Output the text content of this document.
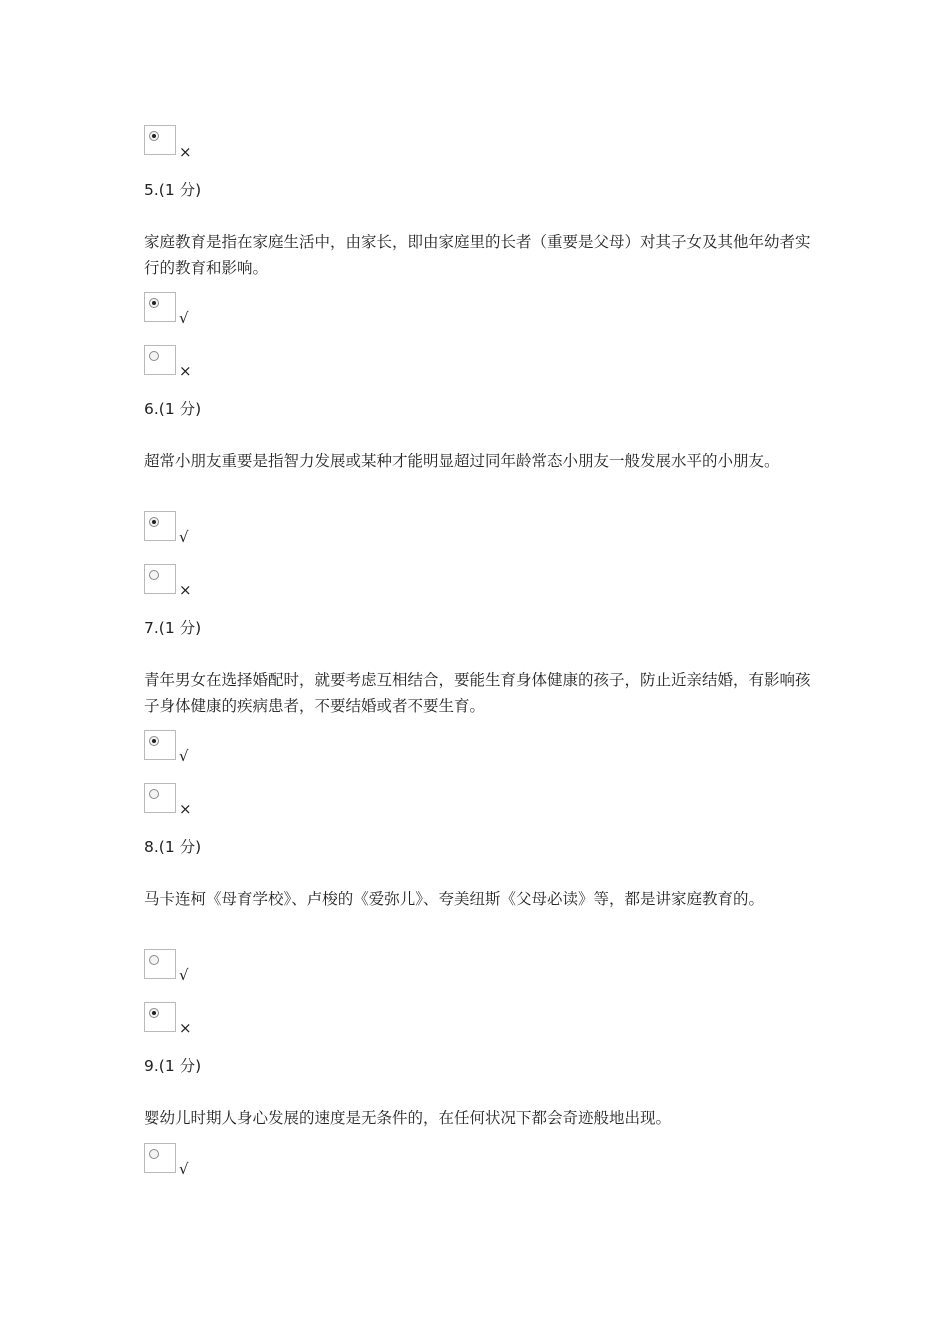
×
5.(1 分)
家庭教育是指在家庭生活中，由家长，即由家庭里的长者（重要是父母）对其子女及其他年幼者实行的教育和影响。
√
×
6.(1 分)
超常小朋友重要是指智力发展或某种才能明显超过同年龄常态小朋友一般发展水平的小朋友。
√
×
7.(1 分)
青年男女在选择婚配时，就要考虑互相结合，要能生育身体健康的孩子，防止近亲结婚，有影响孩子身体健康的疾病患者，不要结婚或者不要生育。
√
×
8.(1 分)
马卡连柯《母育学校》、卢梭的《爱弥儿》、夸美纽斯《父母必读》等，都是讲家庭教育的。
√
×
9.(1 分)
婴幼儿时期人身心发展的速度是无条件的，在任何状况下都会奇迹般地出现。
√
